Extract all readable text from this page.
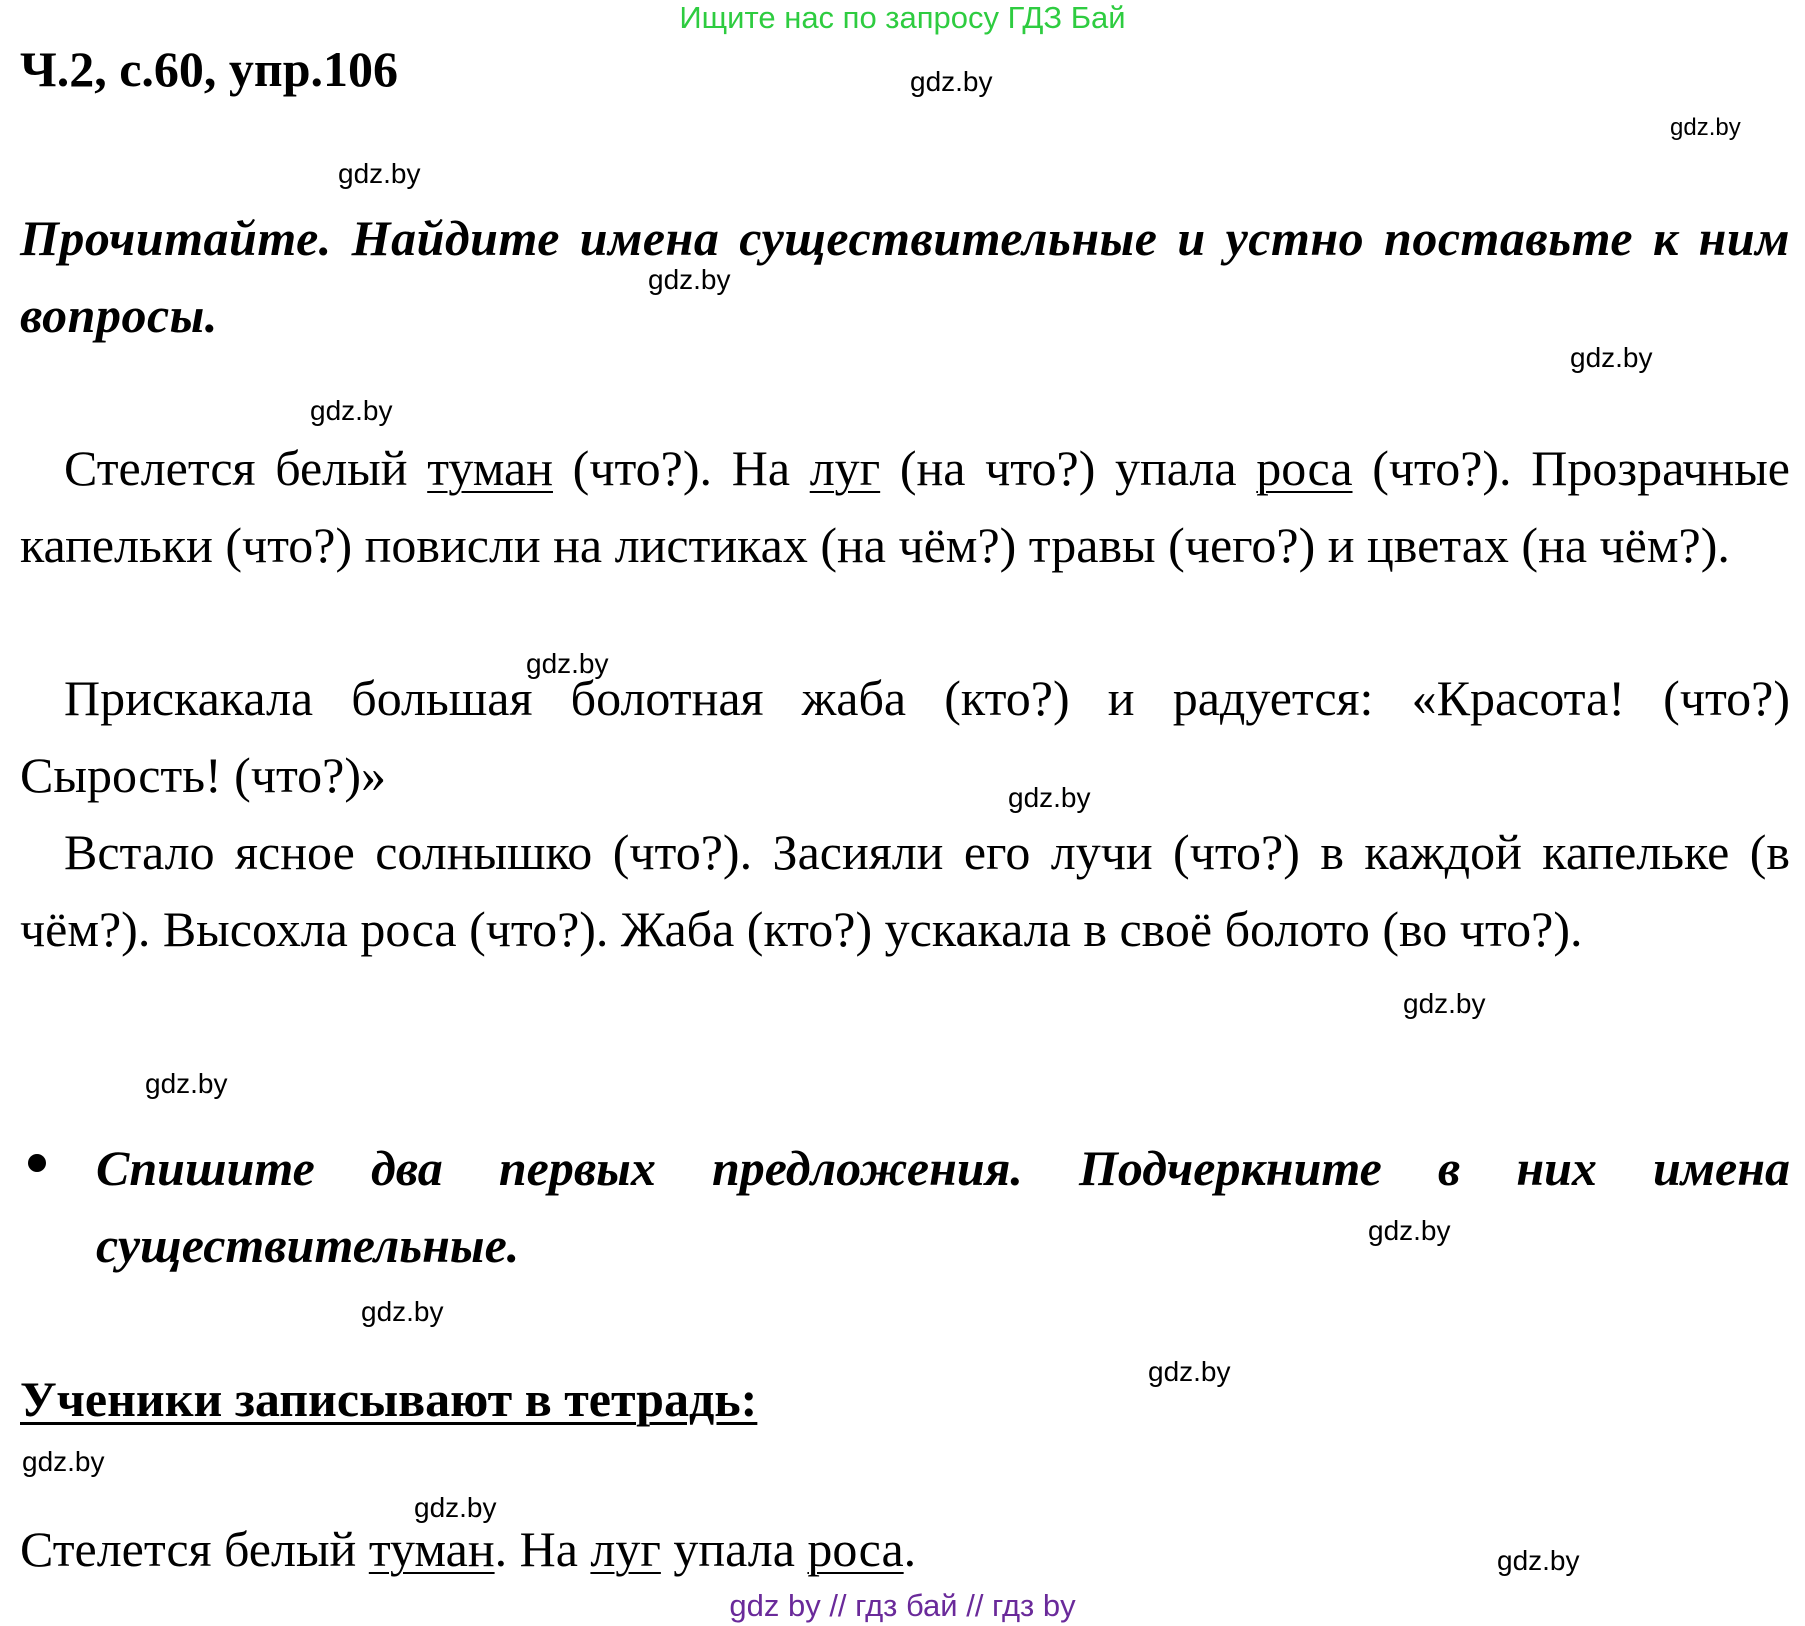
Ищите нас по запросу ГДЗ Бай
Ч.2, с.60, упр.106
Прочитайте. Найдите имена существительные и устно поставьте к ним вопросы.
Стелется белый туман (что?). На луг (на что?) упала роса (что?). Прозрачные капельки (что?) повисли на листиках (на чём?) травы (чего?) и цветах (на чём?).
Прискакала большая болотная жаба (кто?) и радуется: «Красота! (что?) Сырость! (что?)»
Встало ясное солнышко (что?). Засияли его лучи (что?) в каждой капельке (в чём?). Высохла роса (что?). Жаба (кто?) ускакала в своё болото (во что?).
Спишите два первых предложения. Подчеркните в них имена существительные.
Ученики записывают в тетрадь:
Стелется белый туман. На луг упала роса.
gdz.by
gdz.by
gdz.by
gdz.by
gdz.by
gdz.by
gdz.by
gdz.by
gdz.by
gdz.by
gdz.by
gdz.by
gdz.by
gdz.by
gdz.by
gdz.by
gdz by // гдз бай // гдз by
